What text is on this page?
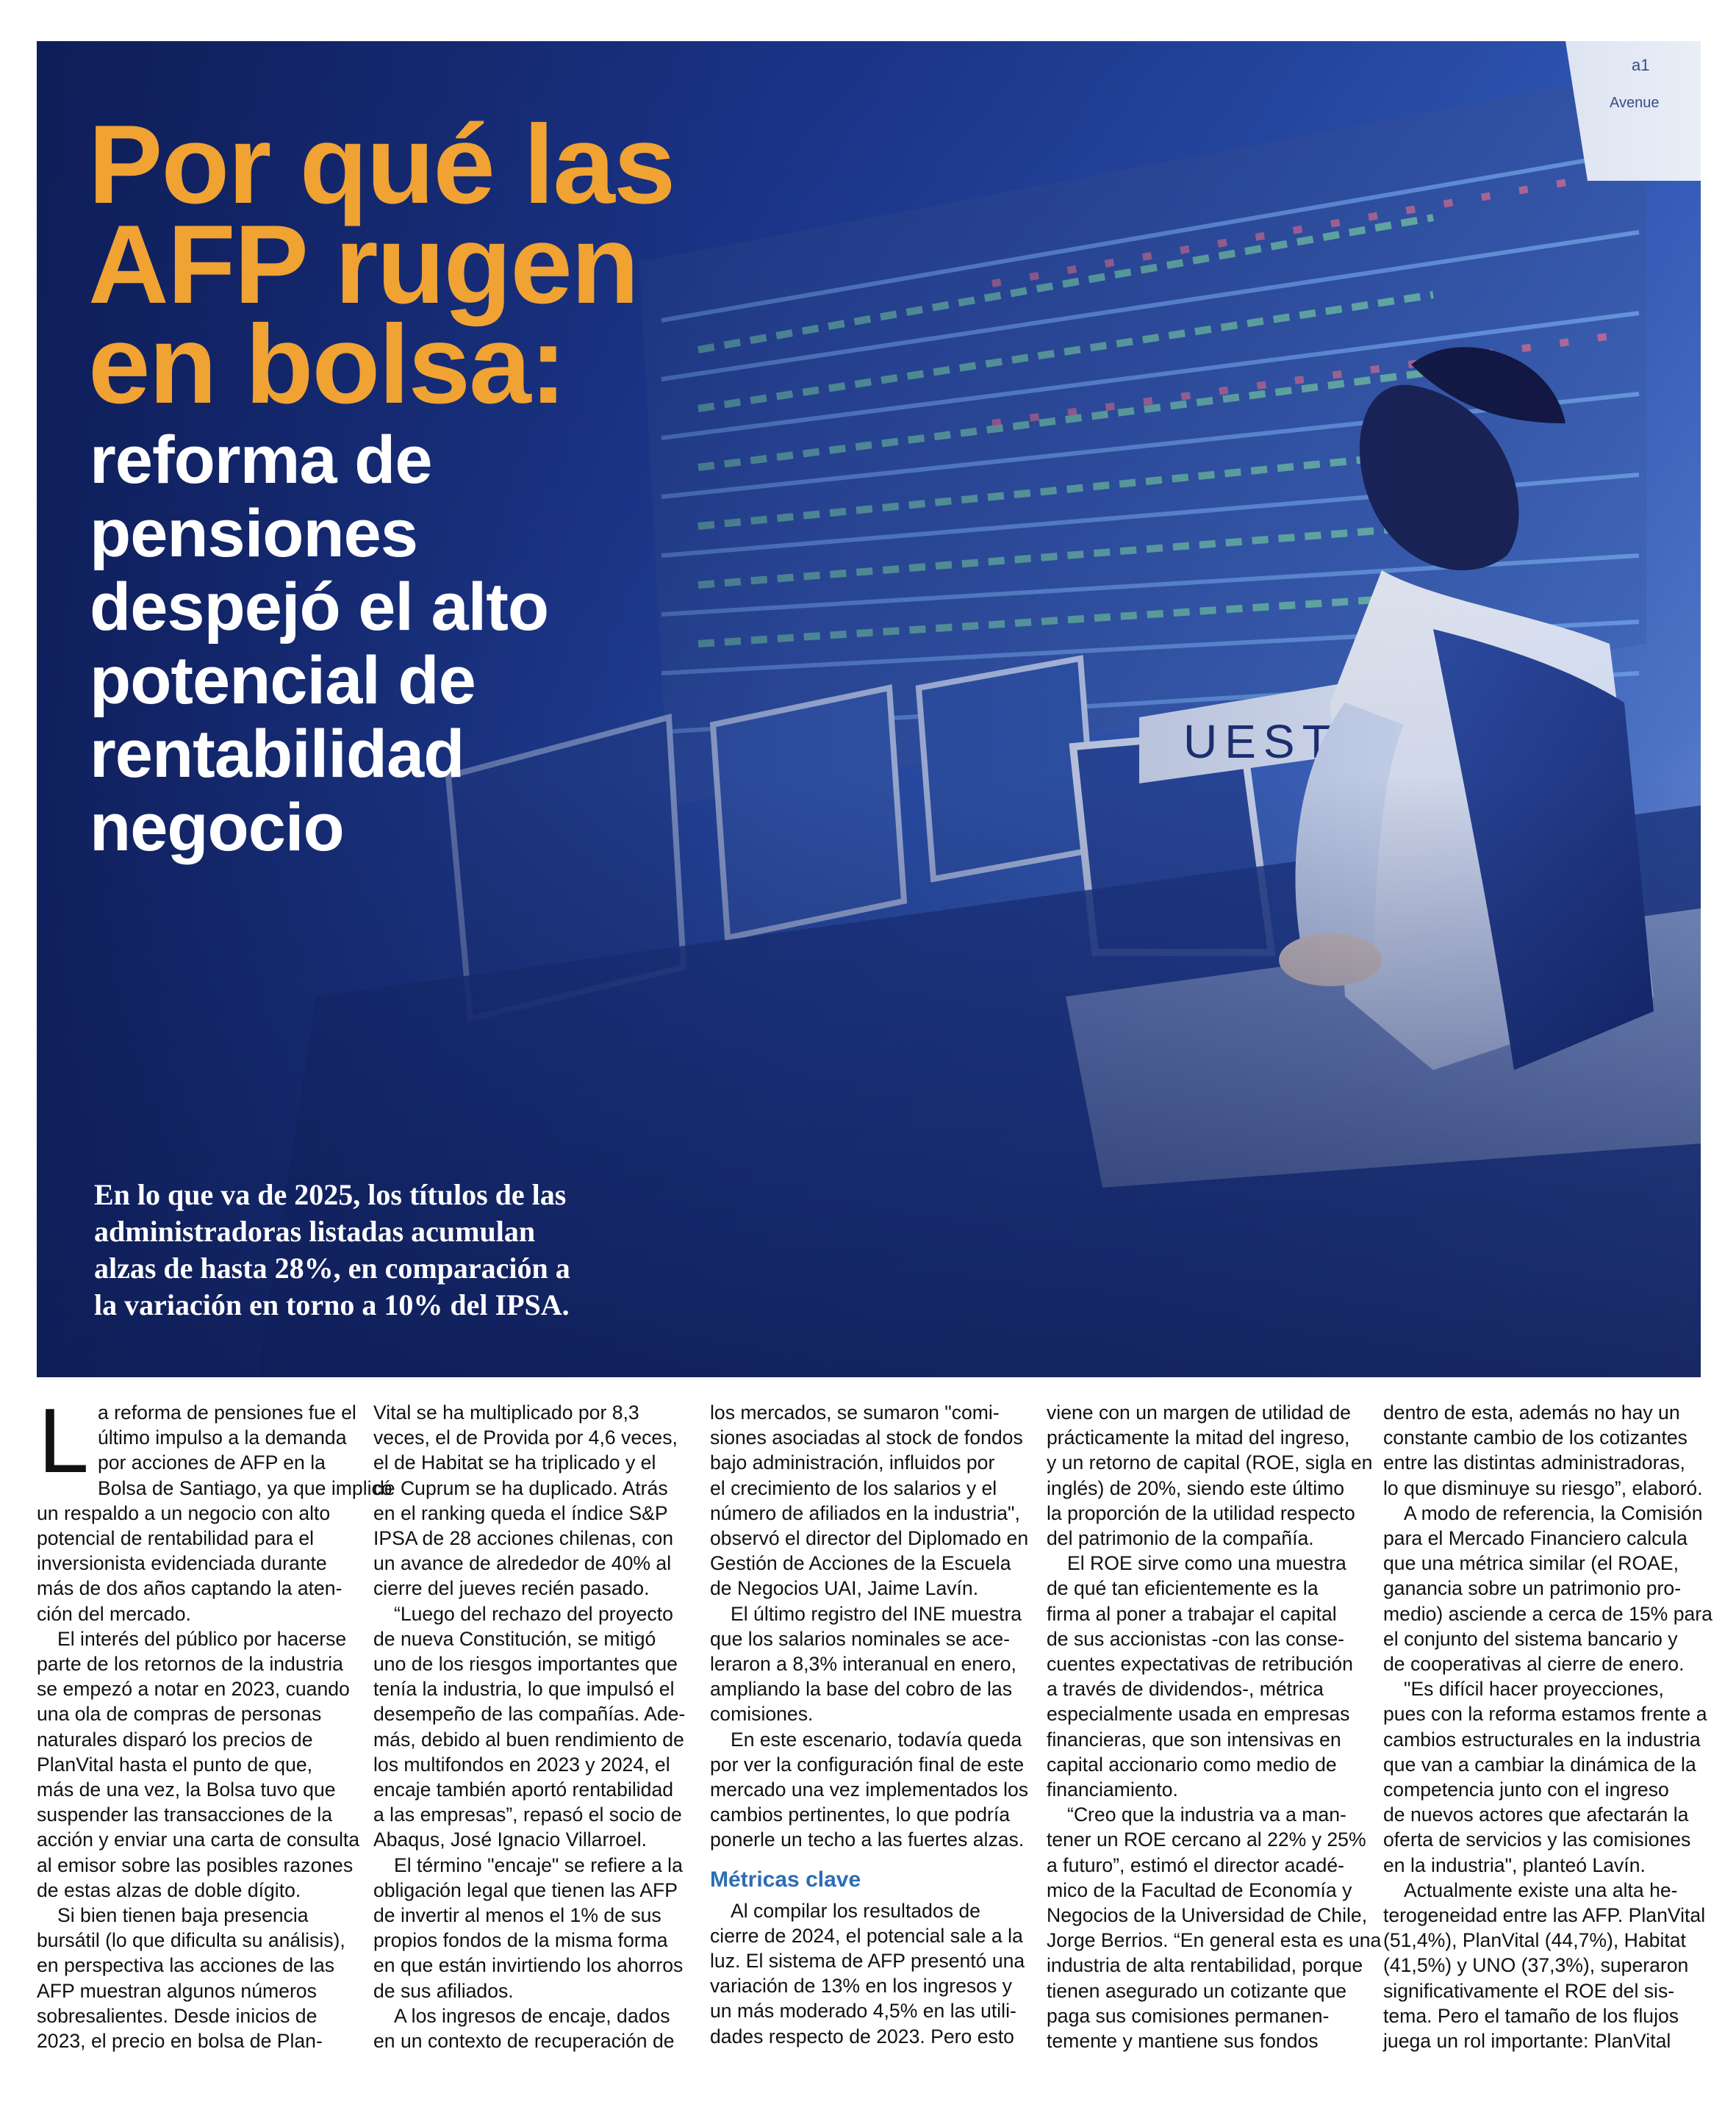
Por qué las
AFP rugen
en bolsa:
reforma de
pensiones
despejó el alto
potencial de
rentabilidad
negocio

En lo que va de 2025, los títulos de las
administradoras listadas acumulan
alzas de hasta 28%, en comparación a
la variación en torno a 10% del IPSA.

L a reforma de pensiones fue el

último impulso a la demanda

por acciones de AFP en la

Bolsa de Santiago, ya que implicó

un respaldo a un negocio con alto

potencial de rentabilidad para el

inversionista evidenciada durante

más de dos años captando la aten-

ción del mercado.

El interés del público por hacerse

parte de los retornos de la industria

se empezó a notar en 2023, cuando

una ola de compras de personas

naturales disparó los precios de

PlanVital hasta el punto de que,

más de una vez, la Bolsa tuvo que

suspender las transacciones de la

acción y enviar una carta de consulta

al emisor sobre las posibles razones

de estas alzas de doble dígito.

Si bien tienen baja presencia

bursátil (lo que dificulta su análisis),

en perspectiva las acciones de las

AFP muestran algunos números

sobresalientes. Desde inicios de

2023, el precio en bolsa de Plan-

Vital se ha multiplicado por 8,3

veces, el de Provida por 4,6 veces,

el de Habitat se ha triplicado y el

de Cuprum se ha duplicado. Atrás

en el ranking queda el índice S&P

IPSA de 28 acciones chilenas, con

un avance de alrededor de 40% al

cierre del jueves recién pasado.

“Luego del rechazo del proyecto

de nueva Constitución, se mitigó

uno de los riesgos importantes que

tenía la industria, lo que impulsó el

desempeño de las compañías. Ade-

más, debido al buen rendimiento de

los multifondos en 2023 y 2024, el

encaje también aportó rentabilidad

a las empresas”, repasó el socio de

Abaqus, José Ignacio Villarroel.

El término "encaje" se refiere a la

obligación legal que tienen las AFP

de invertir al menos el 1% de sus

propios fondos de la misma forma

en que están invirtiendo los ahorros

de sus afiliados.

A los ingresos de encaje, dados

en un contexto de recuperación de

los mercados, se sumaron "comi-

siones asociadas al stock de fondos

bajo administración, influidos por

el crecimiento de los salarios y el

número de afiliados en la industria",

observó el director del Diplomado en

Gestión de Acciones de la Escuela

de Negocios UAI, Jaime Lavín.

El último registro del INE muestra

que los salarios nominales se ace-

leraron a 8,3% interanual en enero,

ampliando la base del cobro de las

comisiones.

En este escenario, todavía queda

por ver la configuración final de este

mercado una vez implementados los

cambios pertinentes, lo que podría

ponerle un techo a las fuertes alzas.

Métricas clave

Al compilar los resultados de

cierre de 2024, el potencial sale a la

luz. El sistema de AFP presentó una

variación de 13% en los ingresos y

un más moderado 4,5% en las utili-

dades respecto de 2023. Pero esto

viene con un margen de utilidad de

prácticamente la mitad del ingreso,

y un retorno de capital (ROE, sigla en

inglés) de 20%, siendo este último

la proporción de la utilidad respecto

del patrimonio de la compañía.

El ROE sirve como una muestra

de qué tan eficientemente es la

firma al poner a trabajar el capital

de sus accionistas -con las conse-

cuentes expectativas de retribución

a través de dividendos-, métrica

especialmente usada en empresas

financieras, que son intensivas en

capital accionario como medio de

financiamiento.

“Creo que la industria va a man-

tener un ROE cercano al 22% y 25%

a futuro”, estimó el director acadé-

mico de la Facultad de Economía y

Negocios de la Universidad de Chile,

Jorge Berrios. “En general esta es una

industria de alta rentabilidad, porque

tienen asegurado un cotizante que

paga sus comisiones permanen-

temente y mantiene sus fondos

dentro de esta, además no hay un

constante cambio de los cotizantes

entre las distintas administradoras,

lo que disminuye su riesgo”, elaboró.

A modo de referencia, la Comisión

para el Mercado Financiero calcula

que una métrica similar (el ROAE,

ganancia sobre un patrimonio pro-

medio) asciende a cerca de 15% para

el conjunto del sistema bancario y

de cooperativas al cierre de enero.

"Es difícil hacer proyecciones,

pues con la reforma estamos frente a

cambios estructurales en la industria

que van a cambiar la dinámica de la

competencia junto con el ingreso

de nuevos actores que afectarán la

oferta de servicios y las comisiones

en la industria", planteó Lavín.

Actualmente existe una alta he-

terogeneidad entre las AFP. PlanVital

(51,4%), PlanVital (44,7%), Habitat

(41,5%) y UNO (37,3%), superaron

significativamente el ROE del sis-

tema. Pero el tamaño de los flujos

juega un rol importante: PlanVital
